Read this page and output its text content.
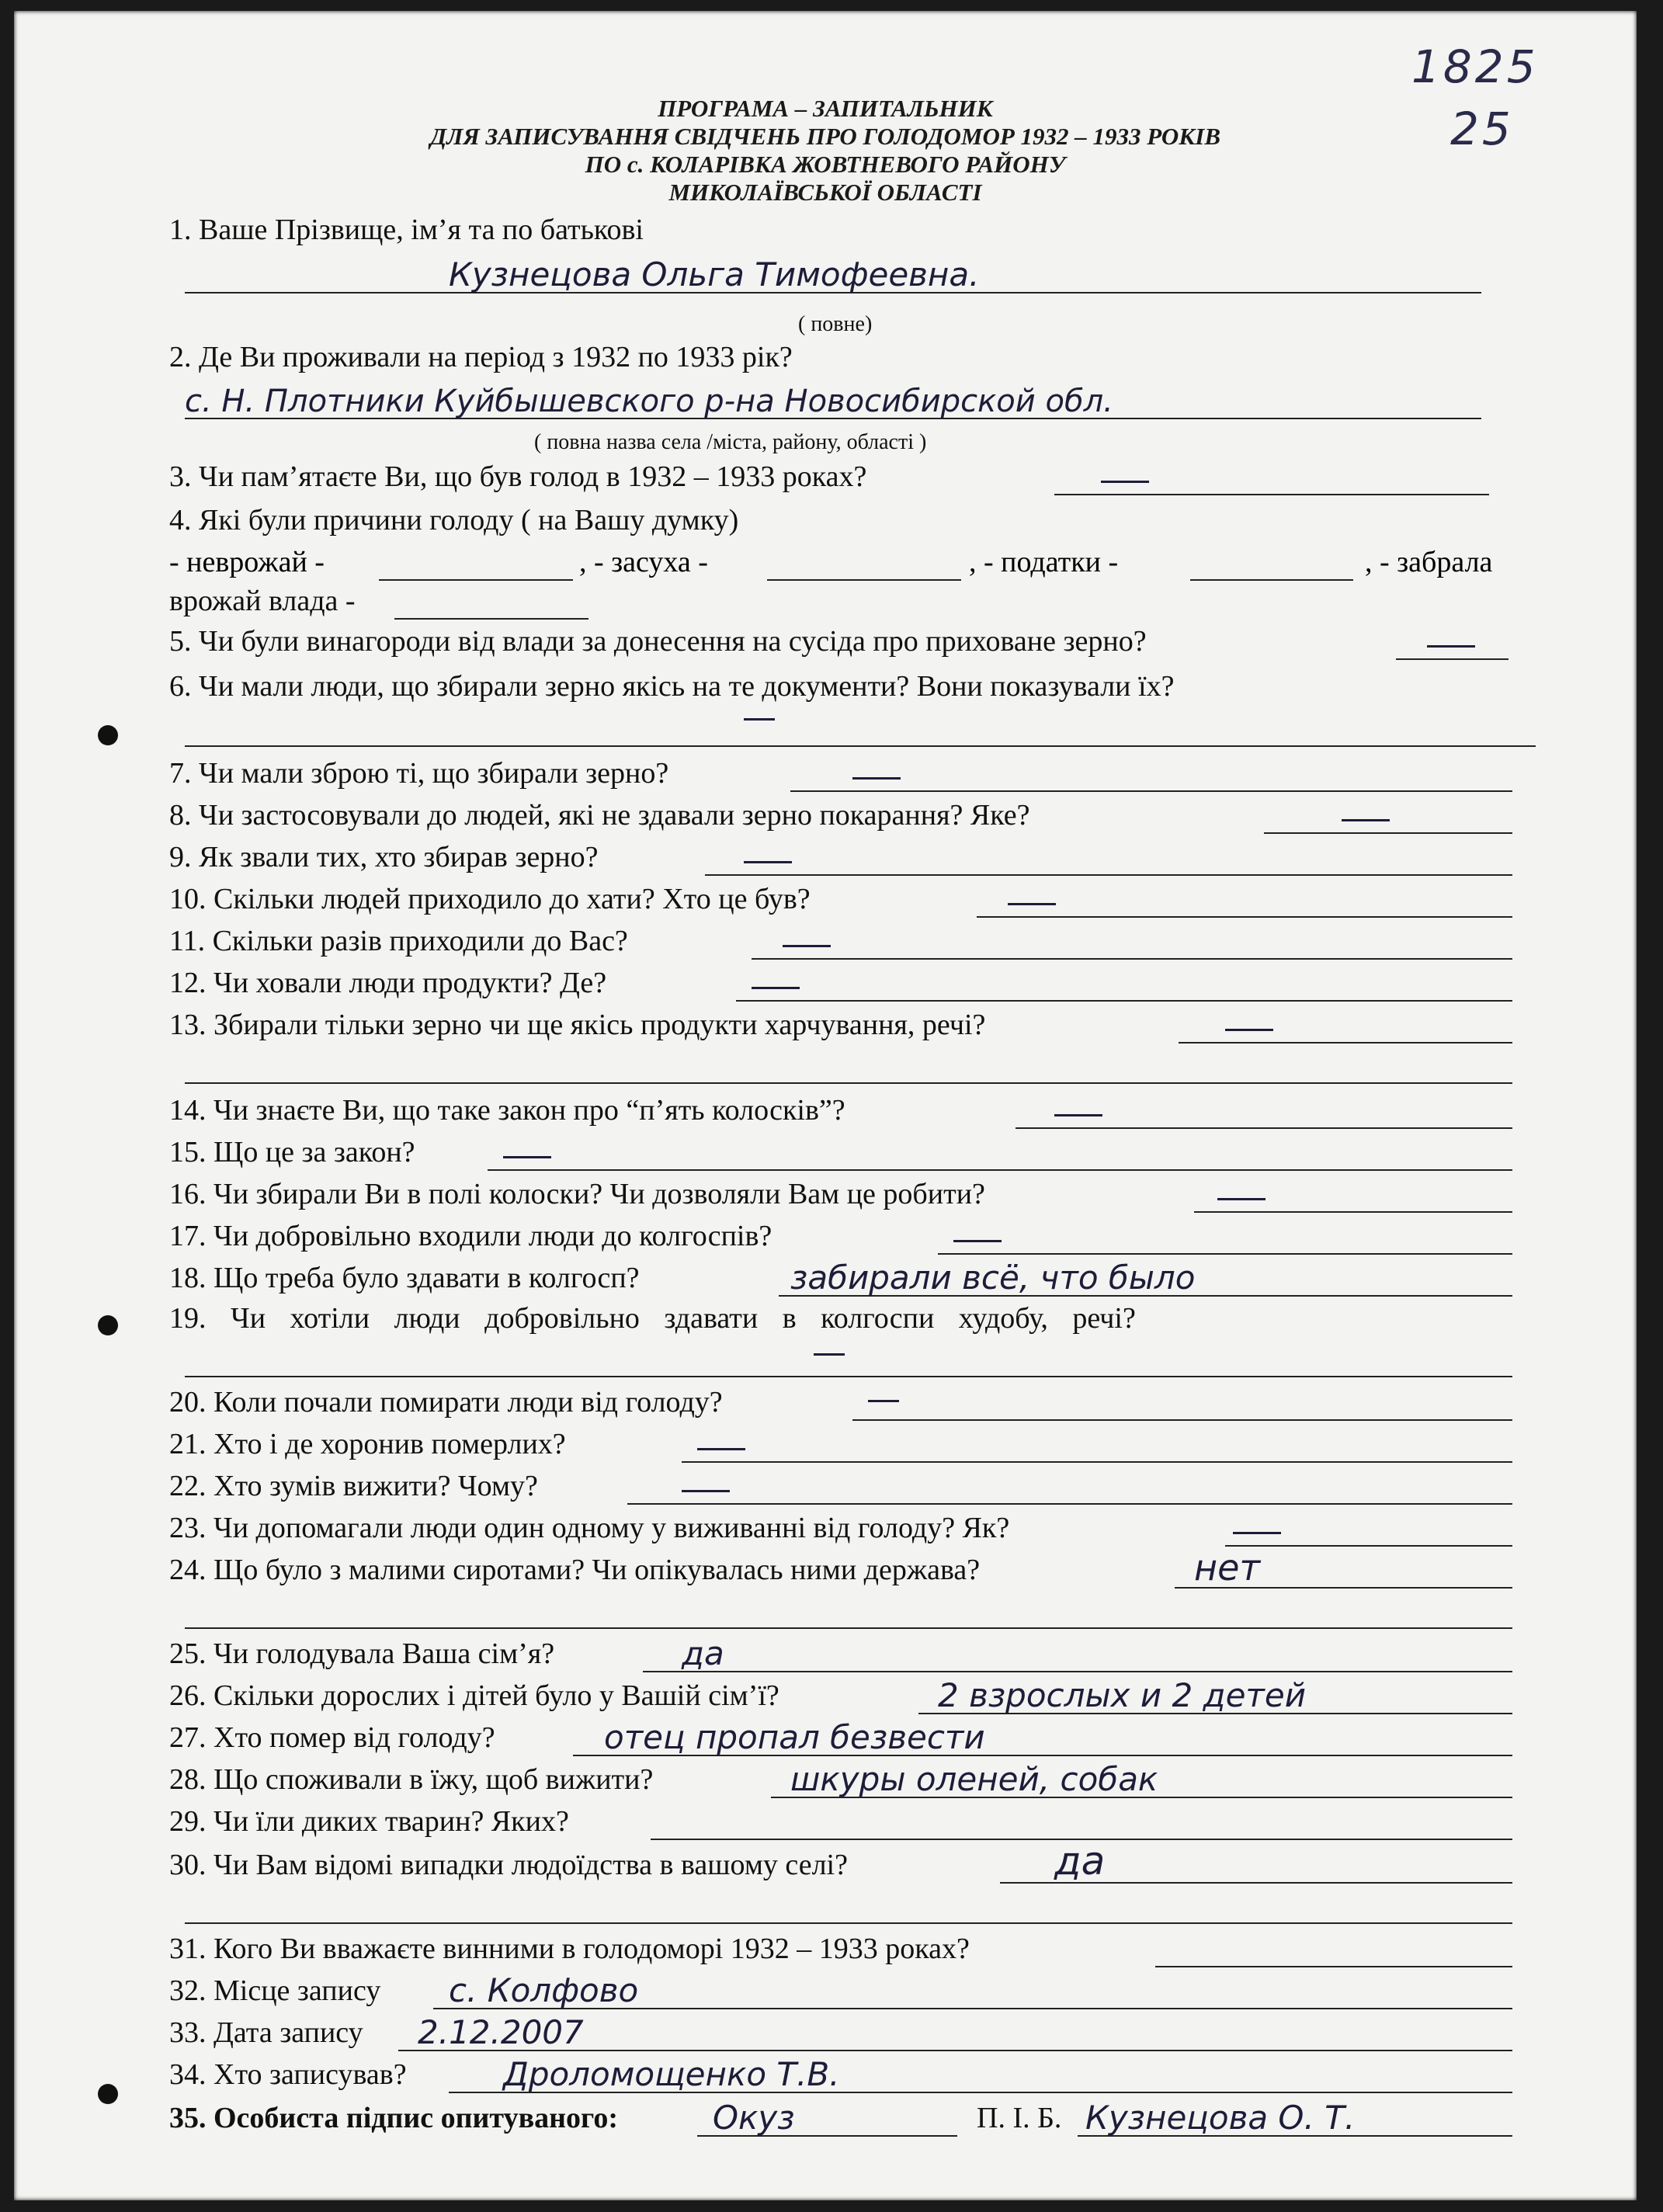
1825
25
ПРОГРАМА – ЗАПИТАЛЬНИК
ДЛЯ ЗАПИСУВАННЯ СВІДЧЕНЬ ПРО ГОЛОДОМОР 1932 – 1933 РОКІВ
ПО с. КОЛАРІВКА ЖОВТНЕВОГО РАЙОНУ
МИКОЛАЇВСЬКОЇ ОБЛАСТІ
1. Ваше Прізвище, ім’я та по батькові
Кузнецова Ольга Тимофеевна.
( повне)
2. Де Ви проживали на період з 1932 по 1933 рік?
с. Н. Плотники Куйбышевского р-на Новосибирской обл.
( повна назва села /міста, району, області )
3. Чи пам’ятаєте Ви, що був голод в 1932 – 1933 роках?
4. Які були причини голоду ( на Вашу думку)
- неврожай -	, - засуха -	, - податки -	, - забрала
врожай влада -
5. Чи були винагороди від влади за донесення на сусіда про приховане зерно?
6. Чи мали люди, що збирали зерно якісь на те документи? Вони показували їх?
7. Чи мали зброю ті, що збирали зерно?
8. Чи застосовували до людей, які не здавали зерно покарання? Яке?
9. Як звали тих, хто збирав зерно?
10. Скільки людей приходило до хати? Хто це був?
11. Скільки разів приходили до Вас?
12. Чи ховали люди продукти? Де?
13. Збирали тільки зерно чи ще якісь продукти харчування, речі?
14. Чи знаєте Ви, що таке закон про “п’ять колосків”?
15. Що це за закон?
16. Чи збирали Ви в полі колоски? Чи дозволяли Вам це робити?
17. Чи добровільно входили люди до колгоспів?
18. Що треба було здавати в колгосп?	забирали всё, что было
19. Чи хотіли люди добровільно здавати в колгоспи худобу, речі?
20. Коли почали помирати люди від голоду?
21. Хто і де хоронив померлих?
22. Хто зумів вижити? Чому?
23. Чи допомагали люди один одному у виживанні від голоду? Як?
24. Що було з малими сиротами? Чи опікувалась ними держава?	нет
25. Чи голодувала Ваша сім’я?	да
26. Скільки дорослих і дітей було у Вашій сім’ї?	2 взрослых и 2 детей
27. Хто помер від голоду?	отец пропал безвести
28. Що споживали в їжу, щоб вижити?	шкуры оленей, собак
29. Чи їли диких тварин? Яких?
30. Чи Вам відомі випадки людоїдства в вашому селі?	да
31. Кого Ви вважаєте винними в голодоморі 1932 – 1933 роках?
32. Місце запису с. Колфово
33. Дата запису 2.12.2007
34. Хто записував?	Дроломощенко Т.В.
35. Особиста підпис опитуваного:	Окуз	П. І. Б. Кузнецова О. Т.
